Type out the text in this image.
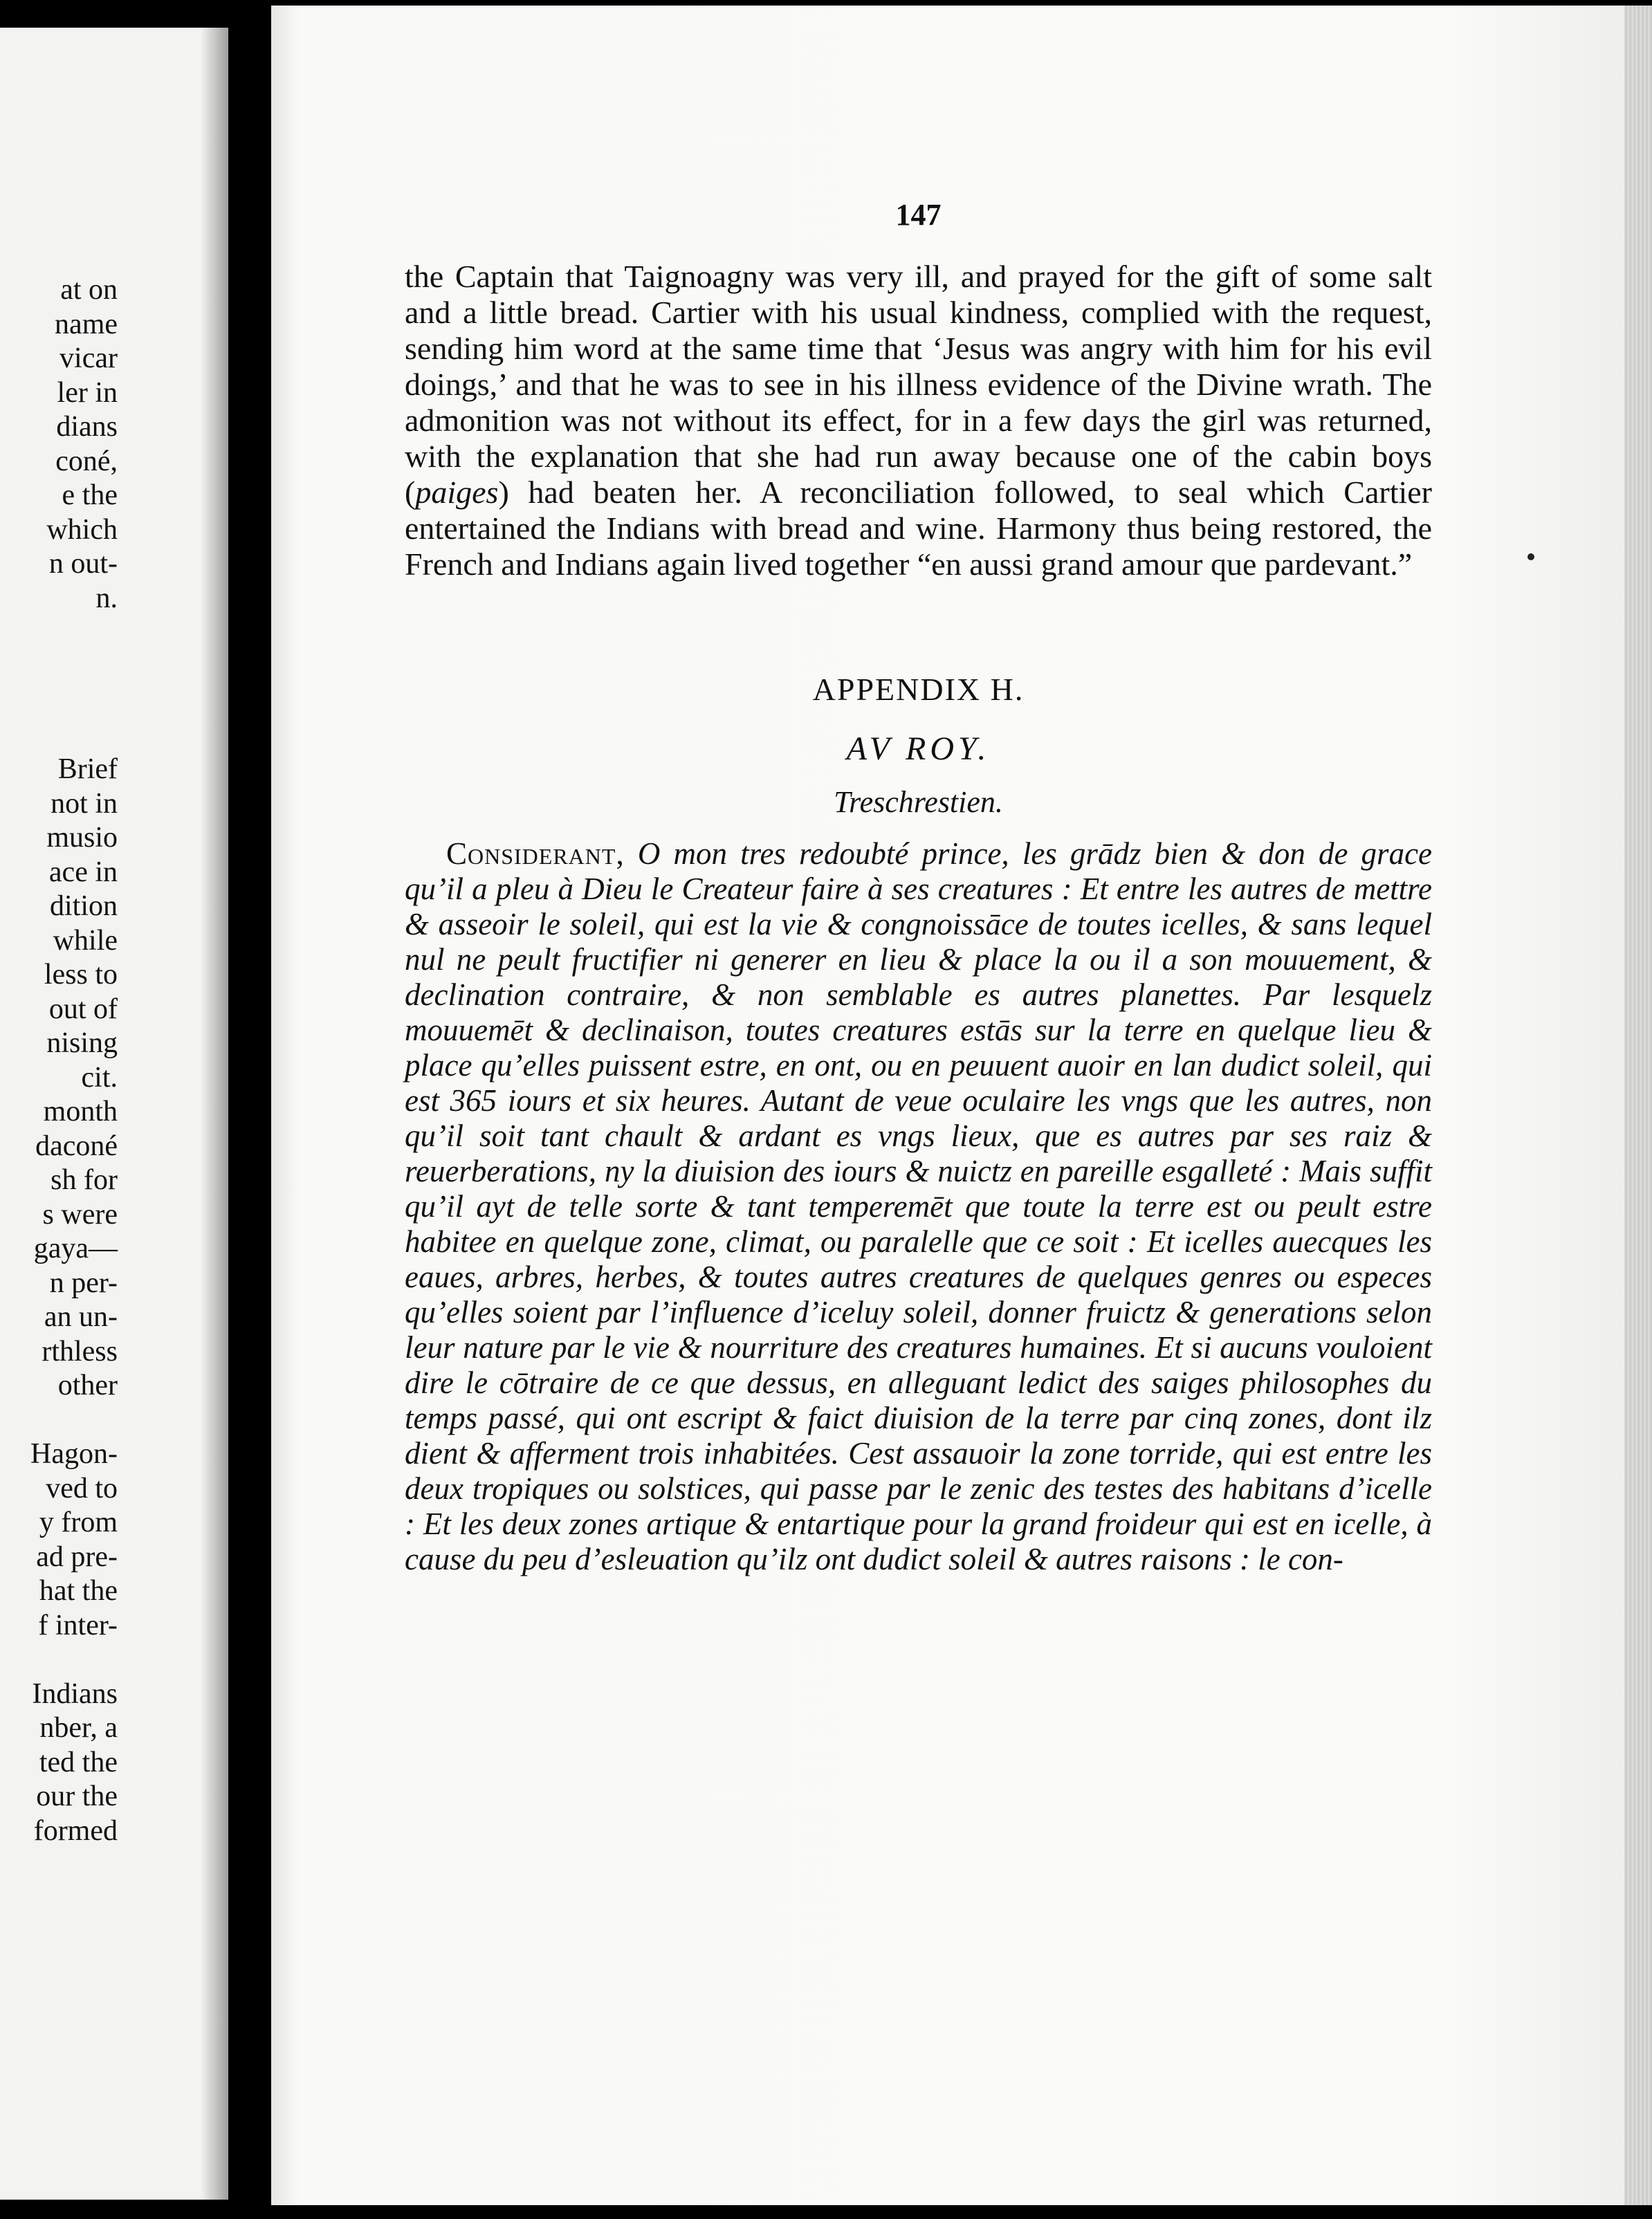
at on
name
vicar
ler in
dians
coné,
e the
which
n out-
n.

Brief
not in
musio
ace in
dition
while
less to
out of
nising
cit.
month
daconé
sh for
s were
gaya—
n per-
an un-
rthless
other

Hagon-
ved to
y from
ad pre-
hat the
f inter-

Indians
nber, a
ted the
our the
formed
147

the Captain that Taignoagny was very ill, and prayed for the gift of some salt and a little bread. Cartier with his usual kindness, complied with the request, sending him word at the same time that ‘Jesus was angry with him for his evil doings,’ and that he was to see in his illness evidence of the Divine wrath. The admonition was not without its effect, for in a few days the girl was returned, with the explanation that she had run away because one of the cabin boys (paiges) had beaten her. A reconciliation followed, to seal which Cartier entertained the Indians with bread and wine. Harmony thus being restored, the French and Indians again lived together “en aussi grand amour que pardevant.”

APPENDIX H.
AV ROY.
Treschrestien.

Considerant, O mon tres redoubté prince, les grādz bien & don de grace qu’il a pleu à Dieu le Createur faire à ses creatures : Et entre les autres de mettre & asseoir le soleil, qui est la vie & congnoissāce de toutes icelles, & sans lequel nul ne peult fructifier ni generer en lieu & place la ou il a son mouuement, & declination contraire, & non semblable es autres planettes. Par lesquelz mouuemēt & declinaison, toutes creatures estās sur la terre en quelque lieu & place qu’elles puissent estre, en ont, ou en peuuent auoir en lan dudict soleil, qui est 365 iours et six heures. Autant de veue oculaire les vngs que les autres, non qu’il soit tant chault & ardant es vngs lieux, que es autres par ses raiz & reuerberations, ny la diuision des iours & nuictz en pareille esgalleté : Mais suffit qu’il ayt de telle sorte & tant temperemēt que toute la terre est ou peult estre habitee en quelque zone, climat, ou paralelle que ce soit : Et icelles auecques les eaues, arbres, herbes, & toutes autres creatures de quelques genres ou especes qu’elles soient par l’influence d’iceluy soleil, donner fruictz & generations selon leur nature par le vie & nourriture des creatures humaines. Et si aucuns vouloient dire le cōtraire de ce que dessus, en alleguant ledict des saiges philosophes du temps passé, qui ont escript & faict diuision de la terre par cinq zones, dont ilz dient & afferment trois inhabitées. Cest assauoir la zone torride, qui est entre les deux tropiques ou solstices, qui passe par le zenic des testes des habitans d’icelle : Et les deux zones artique & entartique pour la grand froideur qui est en icelle, à cause du peu d’esleuation qu’ilz ont dudict soleil & autres raisons : le con-
